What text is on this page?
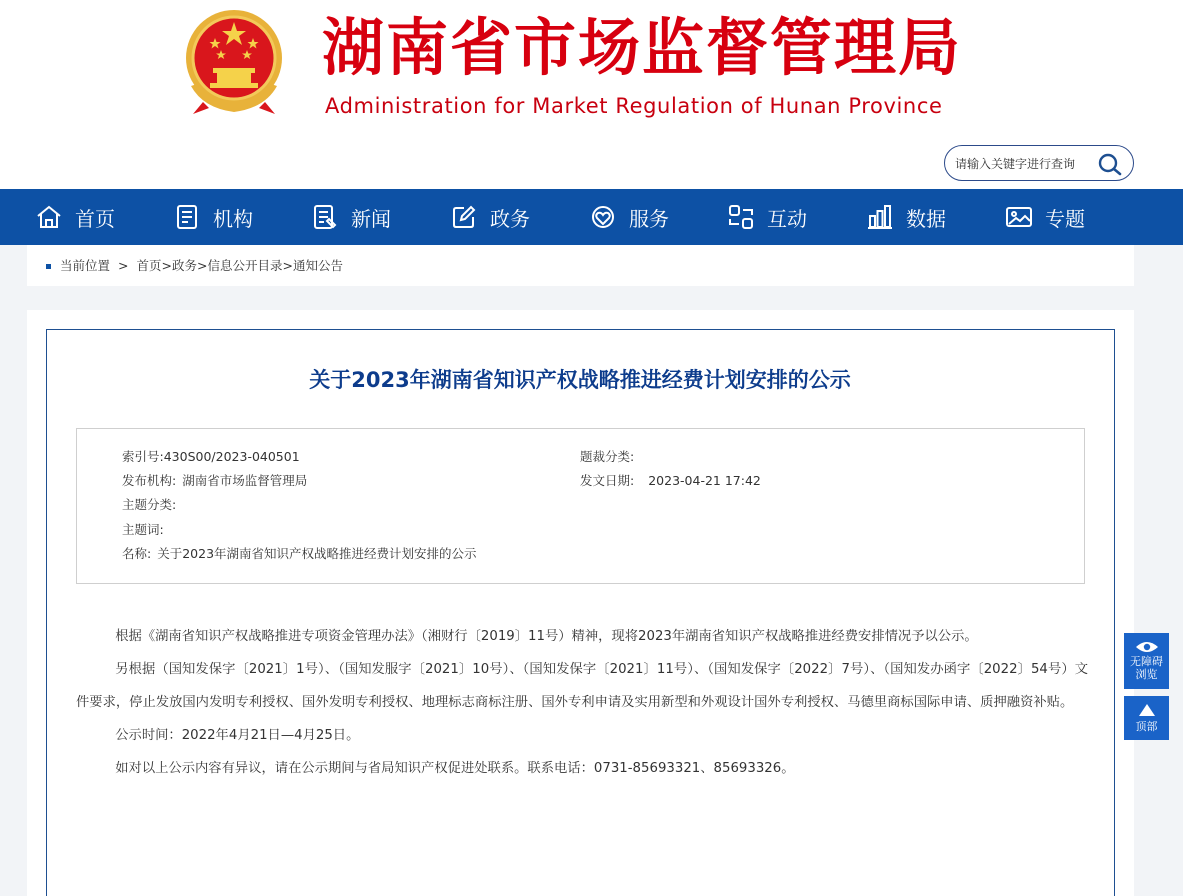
湖南省市场监督管理局
Administration for Market Regulation of Hunan Province
请输入关键字进行查询
首页	机构	新闻	政务	服务	互动	数据	专题
当前位置 > 首页>政务>信息公开目录>通知公告
关于2023年湖南省知识产权战略推进经费计划安排的公示
索引号:430S00/2023-040501	题裁分类:
发布机构: 湖南省市场监督管理局	发文日期: 2023-04-21 17:42
主题分类:
主题词:
名称: 关于2023年湖南省知识产权战略推进经费计划安排的公示

根据《湖南省知识产权战略推进专项资金管理办法》（湘财行〔2019〕11号）精神，现将2023年湖南省知识产权战略推进经费安排情况予以公示。

另根据（国知发保字〔2021〕1号）、（国知发服字〔2021〕10号）、（国知发保字〔2021〕11号）、（国知发保字〔2022〕7号）、（国知发办函字〔2022〕54号）文件要求，停止发放国内发明专利授权、国外发明专利授权、地理标志商标注册、国外专利申请及实用新型和外观设计国外专利授权、马德里商标国际申请、质押融资补贴。

公示时间：2022年4月21日—4月25日。

如对以上公示内容有异议，请在公示期间与省局知识产权促进处联系。联系电话：0731-85693321、85693326。

无障碍
浏览
顶部
